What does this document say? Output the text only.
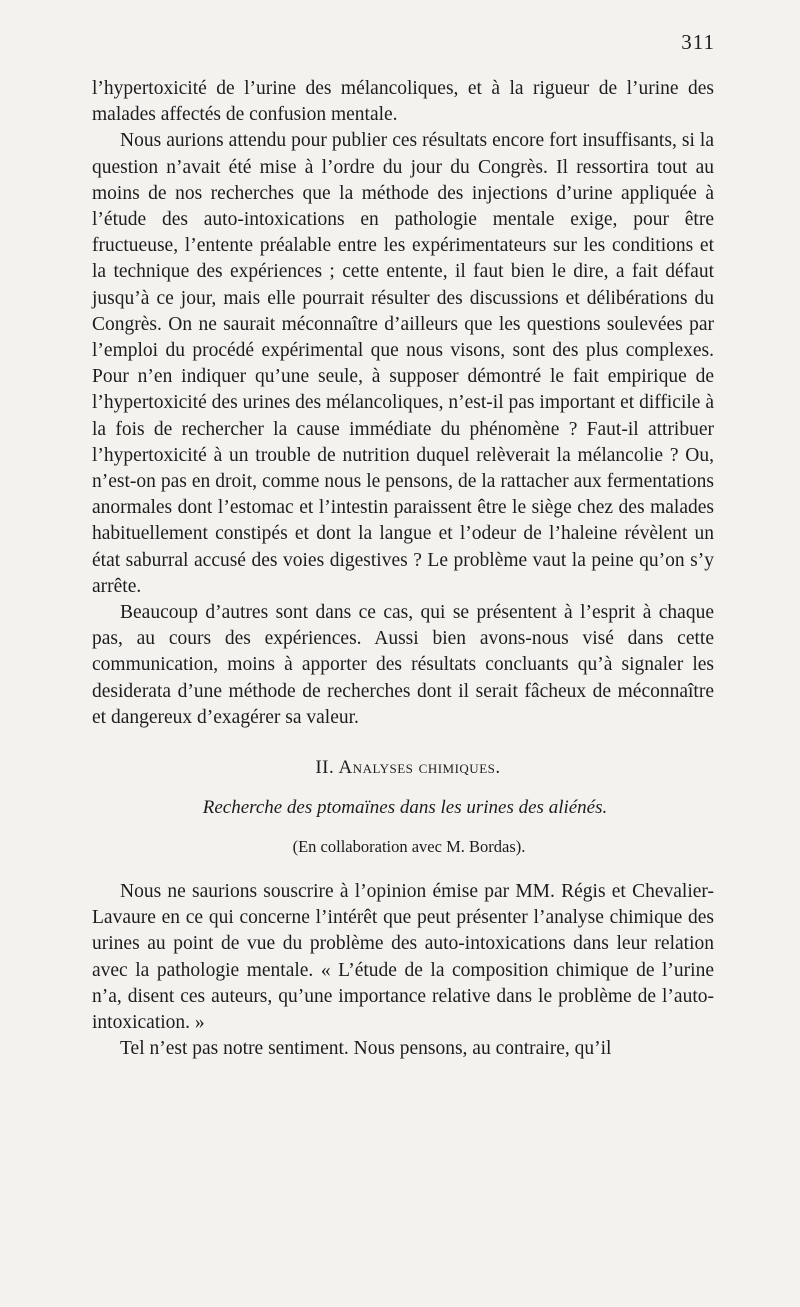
311

l’hypertoxicité de l’urine des mélancoliques, et à la rigueur de l’urine des malades affectés de confusion mentale.

Nous aurions attendu pour publier ces résultats encore fort insuffisants, si la question n’avait été mise à l’ordre du jour du Congrès. Il ressortira tout au moins de nos recherches que la méthode des injections d’urine appliquée à l’étude des auto-intoxications en pathologie mentale exige, pour être fructueuse, l’entente préalable entre les expérimentateurs sur les conditions et la technique des expériences ; cette entente, il faut bien le dire, a fait défaut jusqu’à ce jour, mais elle pourrait résulter des discussions et délibérations du Congrès. On ne saurait méconnaître d’ailleurs que les questions soulevées par l’emploi du procédé expérimental que nous visons, sont des plus complexes. Pour n’en indiquer qu’une seule, à supposer démontré le fait empirique de l’hypertoxicité des urines des mélancoliques, n’est-il pas important et difficile à la fois de rechercher la cause immédiate du phénomène ? Faut-il attribuer l’hypertoxicité à un trouble de nutrition duquel relèverait la mélancolie ? Ou, n’est-on pas en droit, comme nous le pensons, de la rattacher aux fermentations anormales dont l’estomac et l’intestin paraissent être le siège chez des malades habituellement constipés et dont la langue et l’odeur de l’haleine révèlent un état saburral accusé des voies digestives ? Le problème vaut la peine qu’on s’y arrête.

Beaucoup d’autres sont dans ce cas, qui se présentent à l’esprit à chaque pas, au cours des expériences. Aussi bien avons-nous visé dans cette communication, moins à apporter des résultats concluants qu’à signaler les desiderata d’une méthode de recherches dont il serait fâcheux de méconnaître et dangereux d’exagérer sa valeur.

II. Analyses chimiques.
Recherche des ptomaïnes dans les urines des aliénés.

(En collaboration avec M. Bordas).

Nous ne saurions souscrire à l’opinion émise par MM. Régis et Chevalier-Lavaure en ce qui concerne l’intérêt que peut présenter l’analyse chimique des urines au point de vue du problème des auto-intoxications dans leur relation avec la pathologie mentale. « L’étude de la composition chimique de l’urine n’a, disent ces auteurs, qu’une importance relative dans le problème de l’auto-intoxication. »

Tel n’est pas notre sentiment. Nous pensons, au contraire, qu’il
